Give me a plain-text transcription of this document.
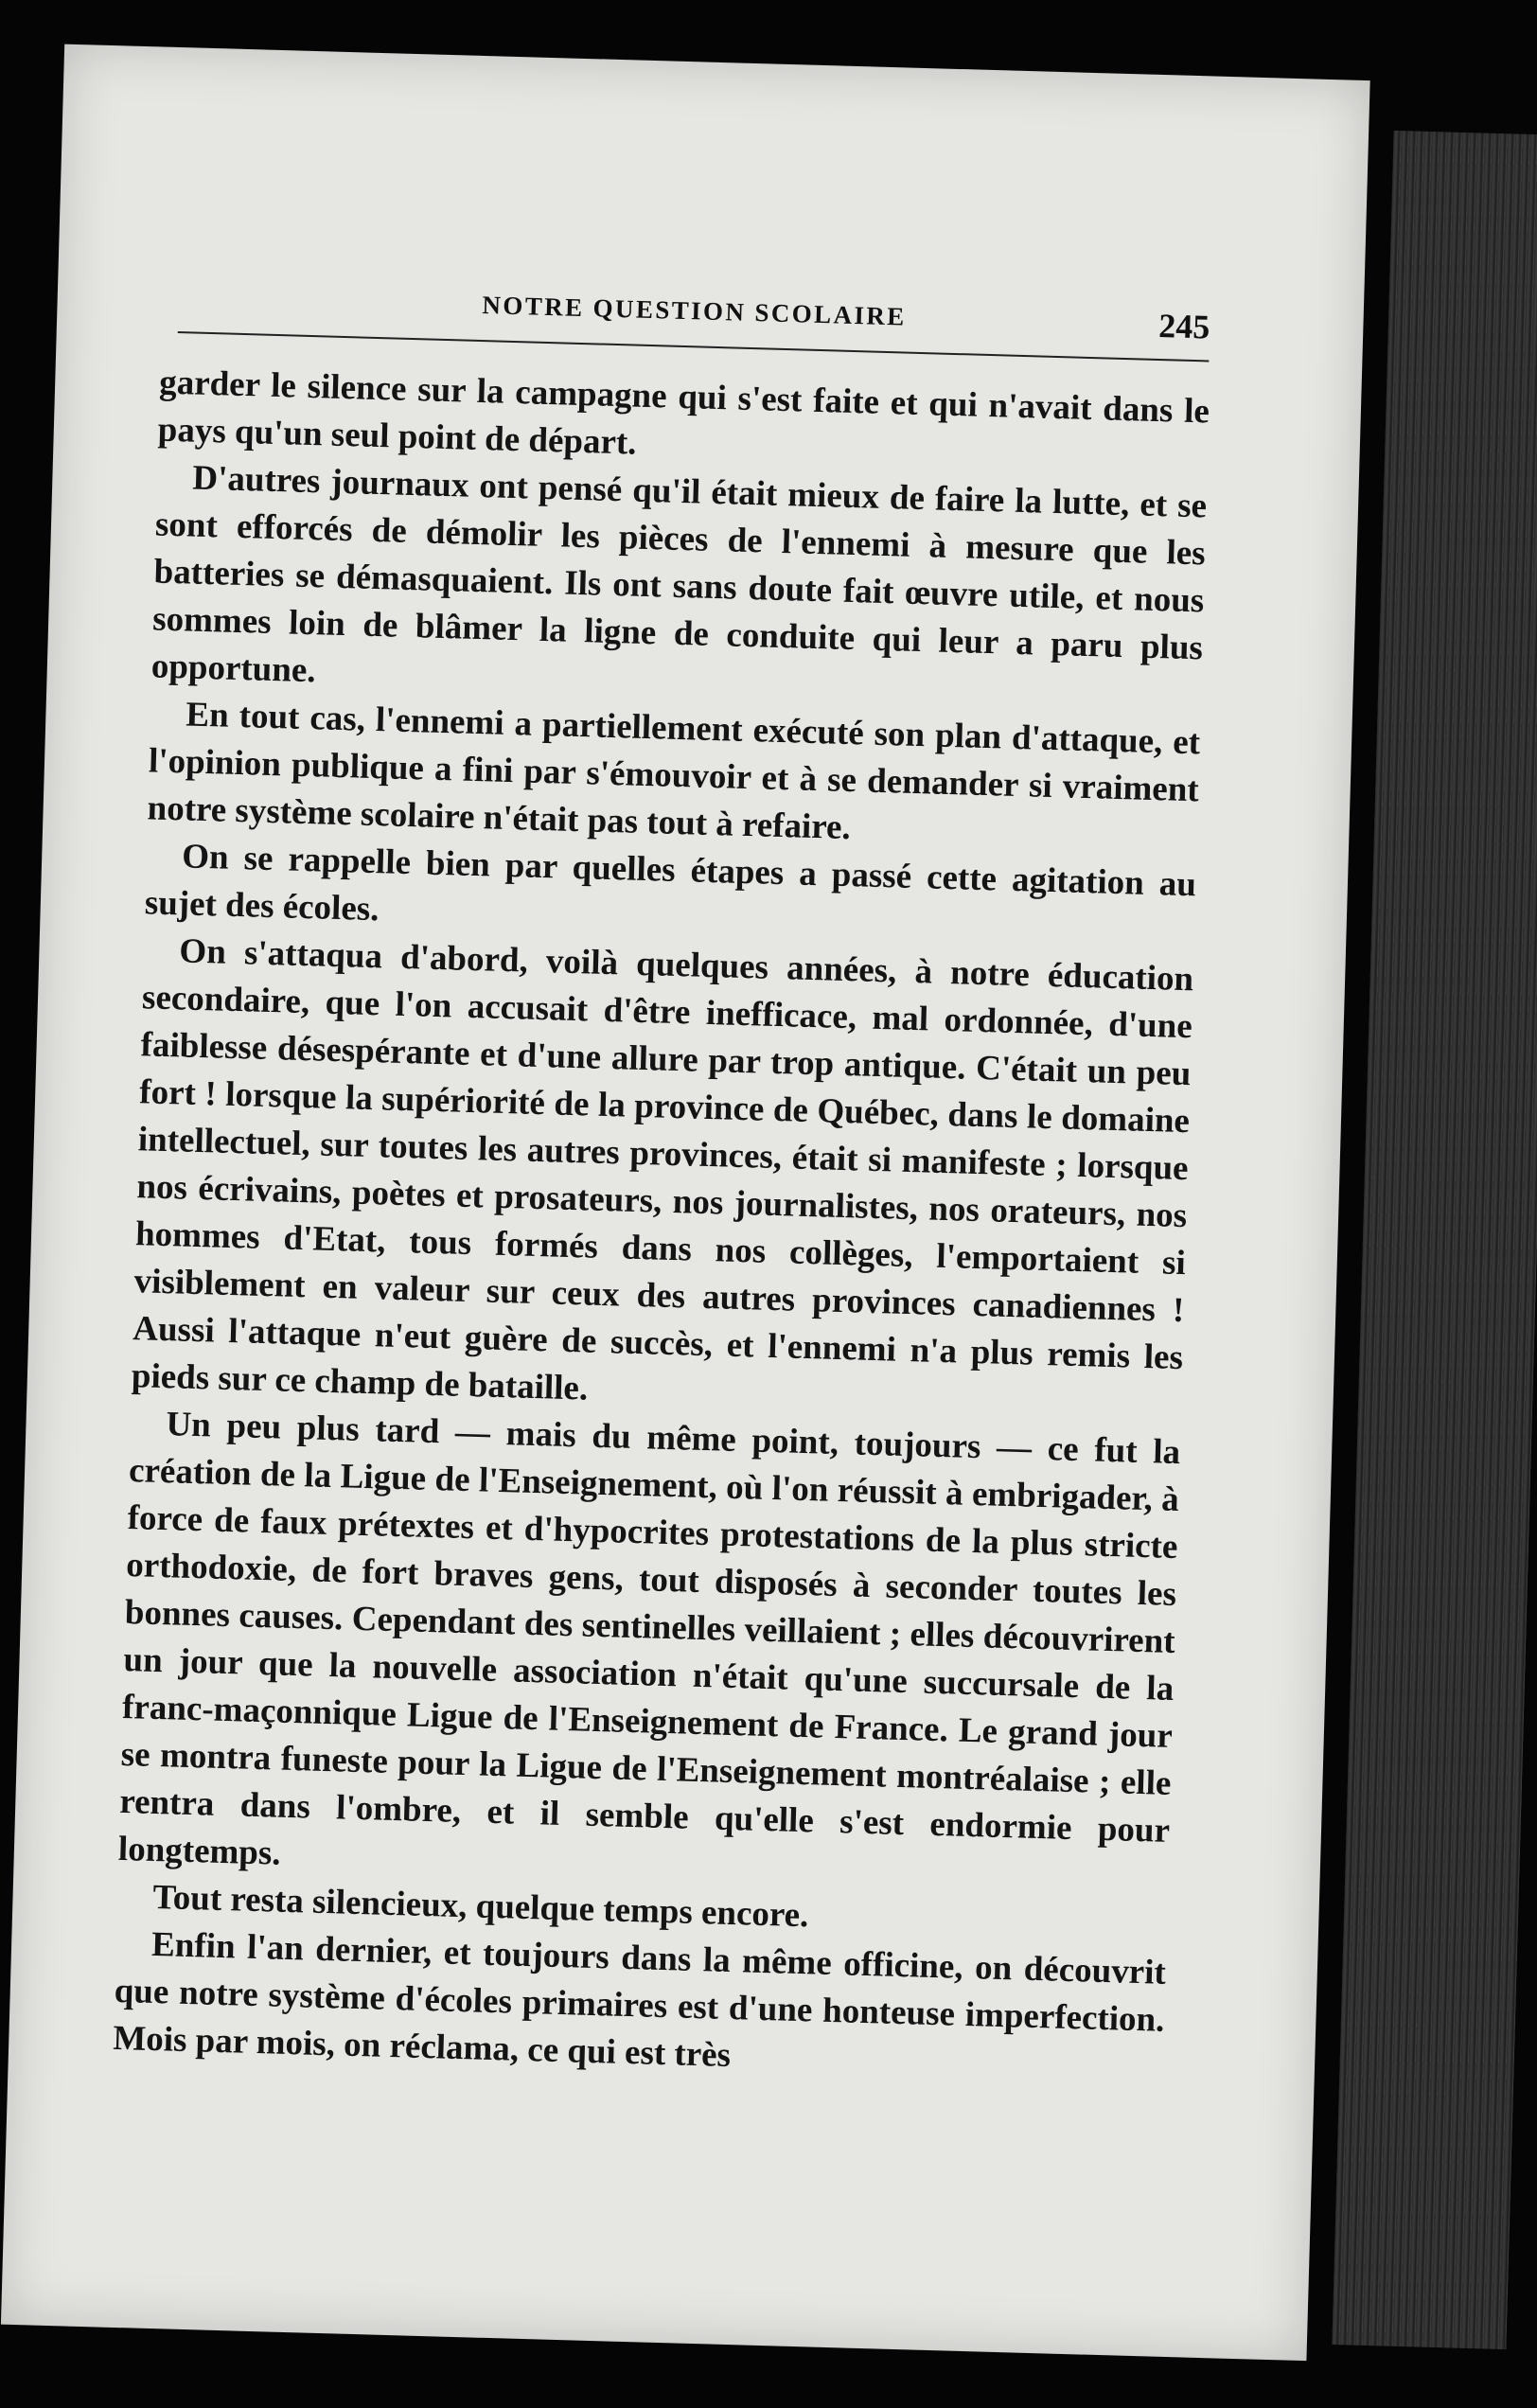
NOTRE QUESTION SCOLAIRE	245

garder le silence sur la campagne qui s'est faite et qui n'avait dans le pays qu'un seul point de départ.

D'autres journaux ont pensé qu'il était mieux de faire la lutte, et se sont efforcés de démolir les pièces de l'ennemi à mesure que les batteries se démasquaient. Ils ont sans doute fait œuvre utile, et nous sommes loin de blâmer la ligne de conduite qui leur a paru plus opportune.

En tout cas, l'ennemi a partiellement exécuté son plan d'attaque, et l'opinion publique a fini par s'émouvoir et à se demander si vraiment notre système scolaire n'était pas tout à refaire.

On se rappelle bien par quelles étapes a passé cette agitation au sujet des écoles.

On s'attaqua d'abord, voilà quelques années, à notre éducation secondaire, que l'on accusait d'être inefficace, mal ordonnée, d'une faiblesse désespérante et d'une allure par trop antique. C'était un peu fort ! lorsque la supériorité de la province de Québec, dans le domaine intellectuel, sur toutes les autres provinces, était si manifeste ; lorsque nos écrivains, poètes et prosateurs, nos journalistes, nos orateurs, nos hommes d'Etat, tous formés dans nos collèges, l'emportaient si visiblement en valeur sur ceux des autres provinces canadiennes ! Aussi l'attaque n'eut guère de succès, et l'ennemi n'a plus remis les pieds sur ce champ de bataille.

Un peu plus tard — mais du même point, toujours — ce fut la création de la Ligue de l'Enseignement, où l'on réussit à embrigader, à force de faux prétextes et d'hypocrites protestations de la plus stricte orthodoxie, de fort braves gens, tout disposés à seconder toutes les bonnes causes. Cependant des sentinelles veillaient ; elles découvrirent un jour que la nouvelle association n'était qu'une succursale de la franc-maçonnique Ligue de l'Enseignement de France. Le grand jour se montra funeste pour la Ligue de l'Enseignement montréalaise ; elle rentra dans l'ombre, et il semble qu'elle s'est endormie pour longtemps.

Tout resta silencieux, quelque temps encore.

Enfin l'an dernier, et toujours dans la même officine, on découvrit que notre système d'écoles primaires est d'une honteuse imperfection. Mois par mois, on réclama, ce qui est très
